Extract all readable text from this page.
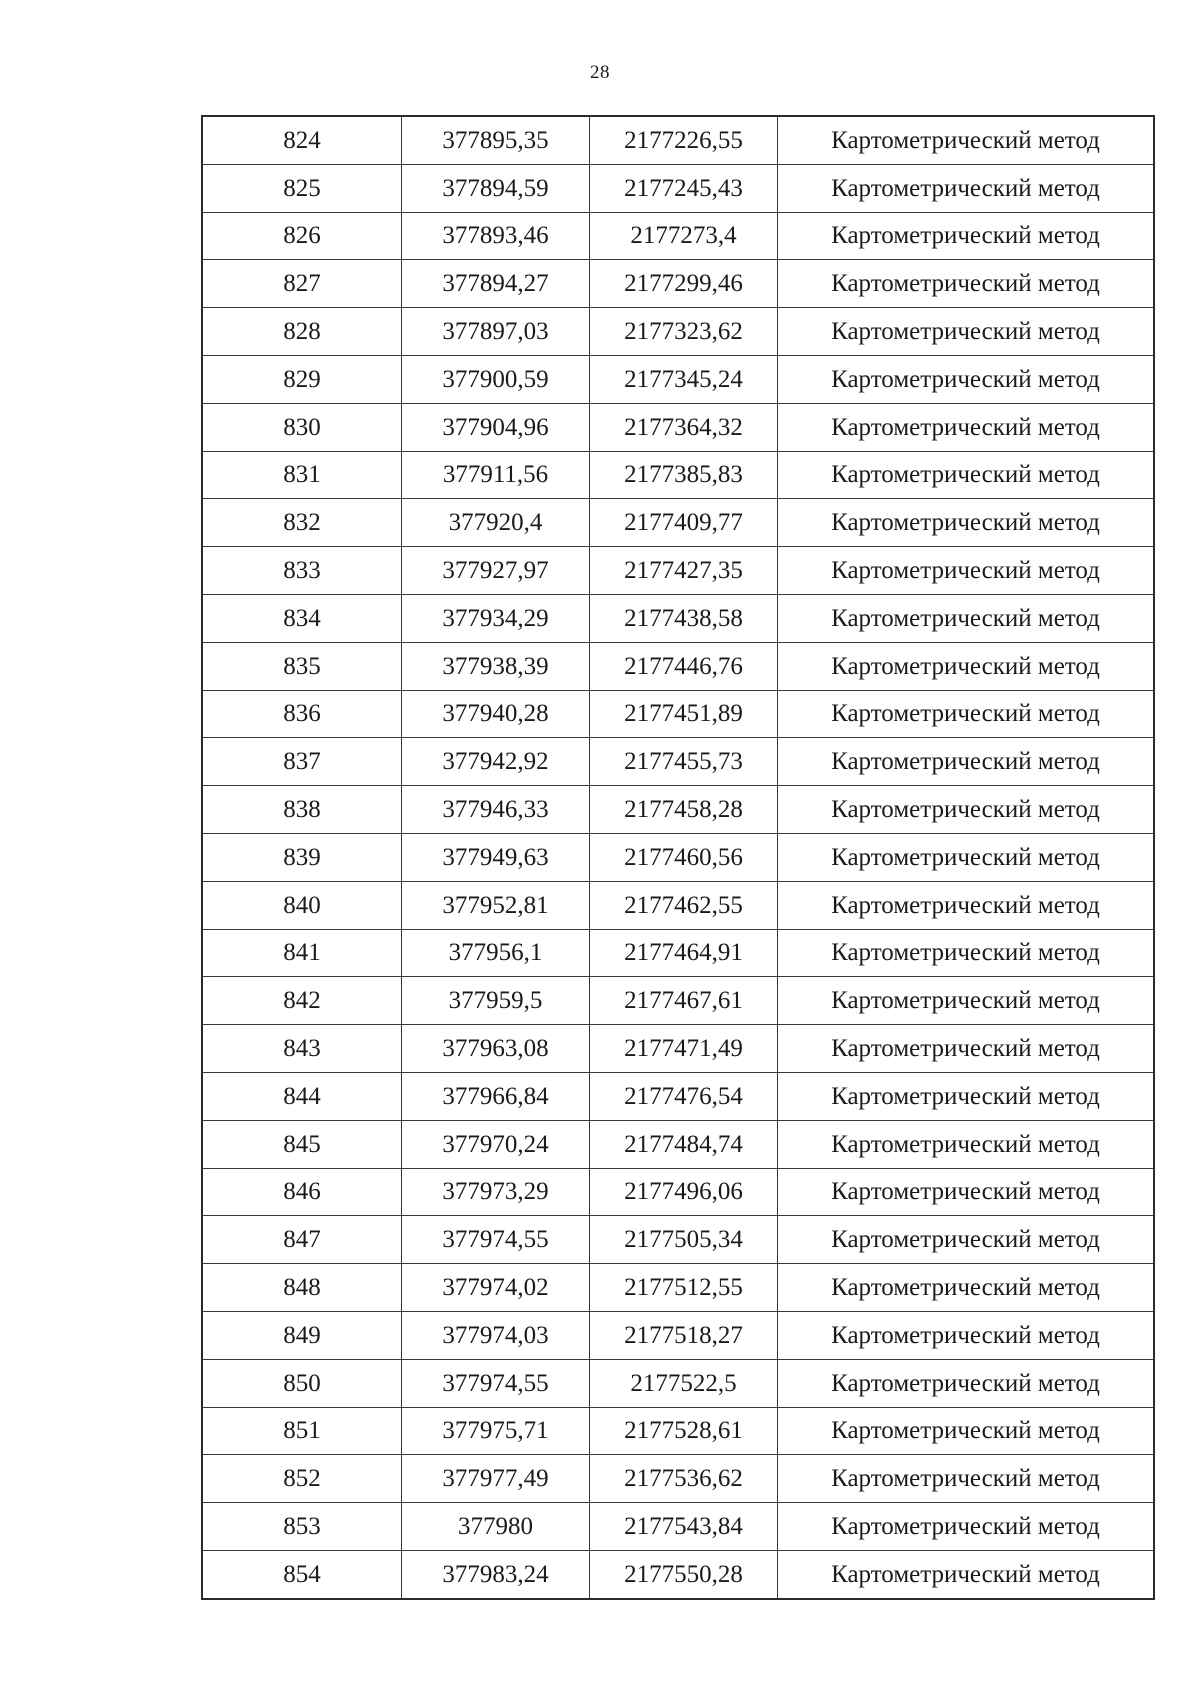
28
824	377895,35	2177226,55	Картометрический метод
825	377894,59	2177245,43	Картометрический метод
826	377893,46	2177273,4	Картометрический метод
827	377894,27	2177299,46	Картометрический метод
828	377897,03	2177323,62	Картометрический метод
829	377900,59	2177345,24	Картометрический метод
830	377904,96	2177364,32	Картометрический метод
831	377911,56	2177385,83	Картометрический метод
832	377920,4	2177409,77	Картометрический метод
833	377927,97	2177427,35	Картометрический метод
834	377934,29	2177438,58	Картометрический метод
835	377938,39	2177446,76	Картометрический метод
836	377940,28	2177451,89	Картометрический метод
837	377942,92	2177455,73	Картометрический метод
838	377946,33	2177458,28	Картометрический метод
839	377949,63	2177460,56	Картометрический метод
840	377952,81	2177462,55	Картометрический метод
841	377956,1	2177464,91	Картометрический метод
842	377959,5	2177467,61	Картометрический метод
843	377963,08	2177471,49	Картометрический метод
844	377966,84	2177476,54	Картометрический метод
845	377970,24	2177484,74	Картометрический метод
846	377973,29	2177496,06	Картометрический метод
847	377974,55	2177505,34	Картометрический метод
848	377974,02	2177512,55	Картометрический метод
849	377974,03	2177518,27	Картометрический метод
850	377974,55	2177522,5	Картометрический метод
851	377975,71	2177528,61	Картометрический метод
852	377977,49	2177536,62	Картометрический метод
853	377980	2177543,84	Картометрический метод
854	377983,24	2177550,28	Картометрический метод
